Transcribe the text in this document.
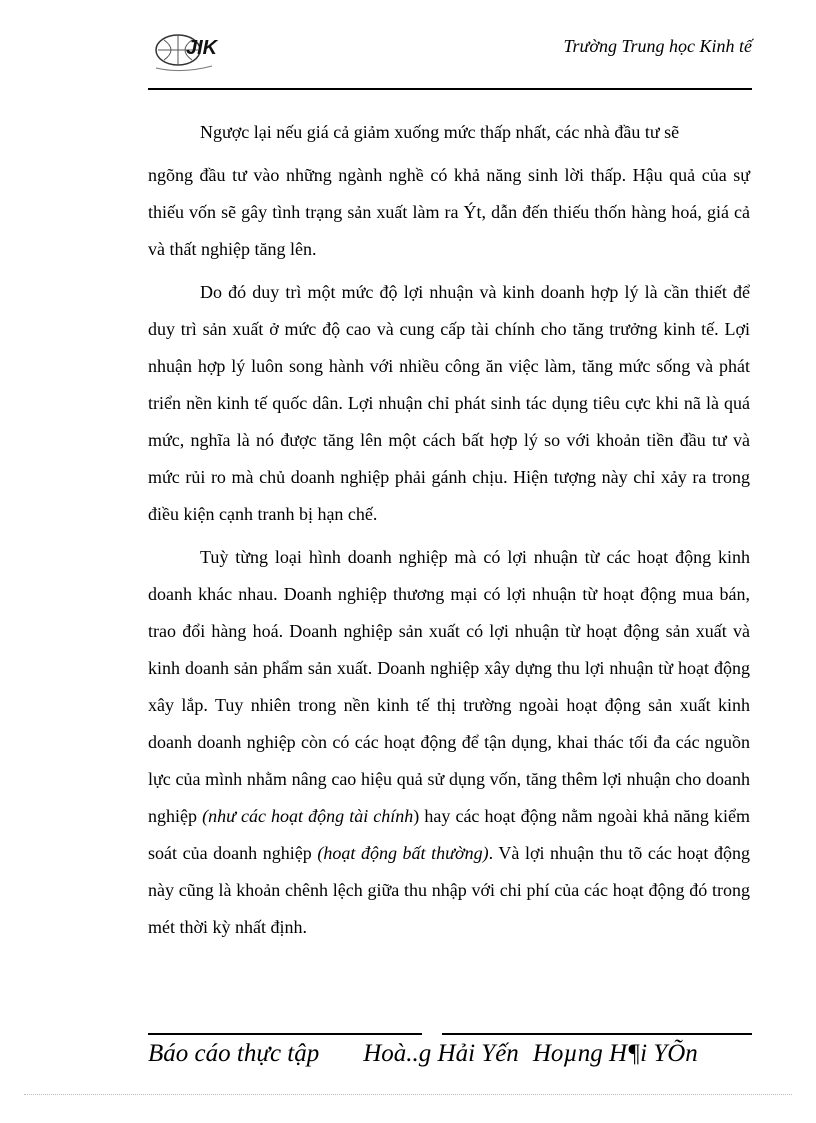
JIK	Trường Trung học Kinh tế

Ngược lại nếu giá cả giảm xuống mức thấp nhất, các nhà đầu tư sẽ

ngõng đầu tư vào những ngành nghề có khả năng sinh lời thấp. Hậu quả của sự thiếu vốn sẽ gây tình trạng sản xuất làm ra Ýt, dẫn đến thiếu thốn hàng hoá, giá cả và thất nghiệp tăng lên.

Do đó duy trì một mức độ lợi nhuận và kinh doanh hợp lý là cần thiết để duy trì sản xuất ở mức độ cao và cung cấp tài chính cho tăng trưởng kinh tế. Lợi nhuận hợp lý luôn song hành với nhiều công ăn việc làm, tăng mức sống và phát triển nền kinh tế quốc dân. Lợi nhuận chỉ phát sinh tác dụng tiêu cực khi nã là quá mức, nghĩa là nó được tăng lên một cách bất hợp lý so với khoản tiền đầu tư và mức rủi ro mà chủ doanh nghiệp phải gánh chịu. Hiện tượng này chỉ xảy ra trong điều kiện cạnh tranh bị hạn chế.

Tuỳ từng loại hình doanh nghiệp mà có lợi nhuận từ các hoạt động kinh doanh khác nhau. Doanh nghiệp thương mại có lợi nhuận từ hoạt động mua bán, trao đổi hàng hoá. Doanh nghiệp sản xuất có lợi nhuận từ hoạt động sản xuất và kinh doanh sản phẩm sản xuất. Doanh nghiệp xây dựng thu lợi nhuận từ hoạt động xây lắp. Tuy nhiên trong nền kinh tế thị trường ngoài hoạt động sản xuất kinh doanh doanh nghiệp còn có các hoạt động để tận dụng, khai thác tối đa các nguồn lực của mình nhằm nâng cao hiệu quả sử dụng vốn, tăng thêm lợi nhuận cho doanh nghiệp (như các hoạt động tài chính) hay các hoạt động nằm ngoài khả năng kiểm soát của doanh nghiệp (hoạt động bất thường). Và lợi nhuận thu tõ các hoạt động này cũng là khoản chênh lệch giữa thu nhập với chi phí của các hoạt động đó trong mét thời kỳ nhất định.

Báo cáo thực tập Hoà..g Hải Yến Hoµng H¶i YÕn
